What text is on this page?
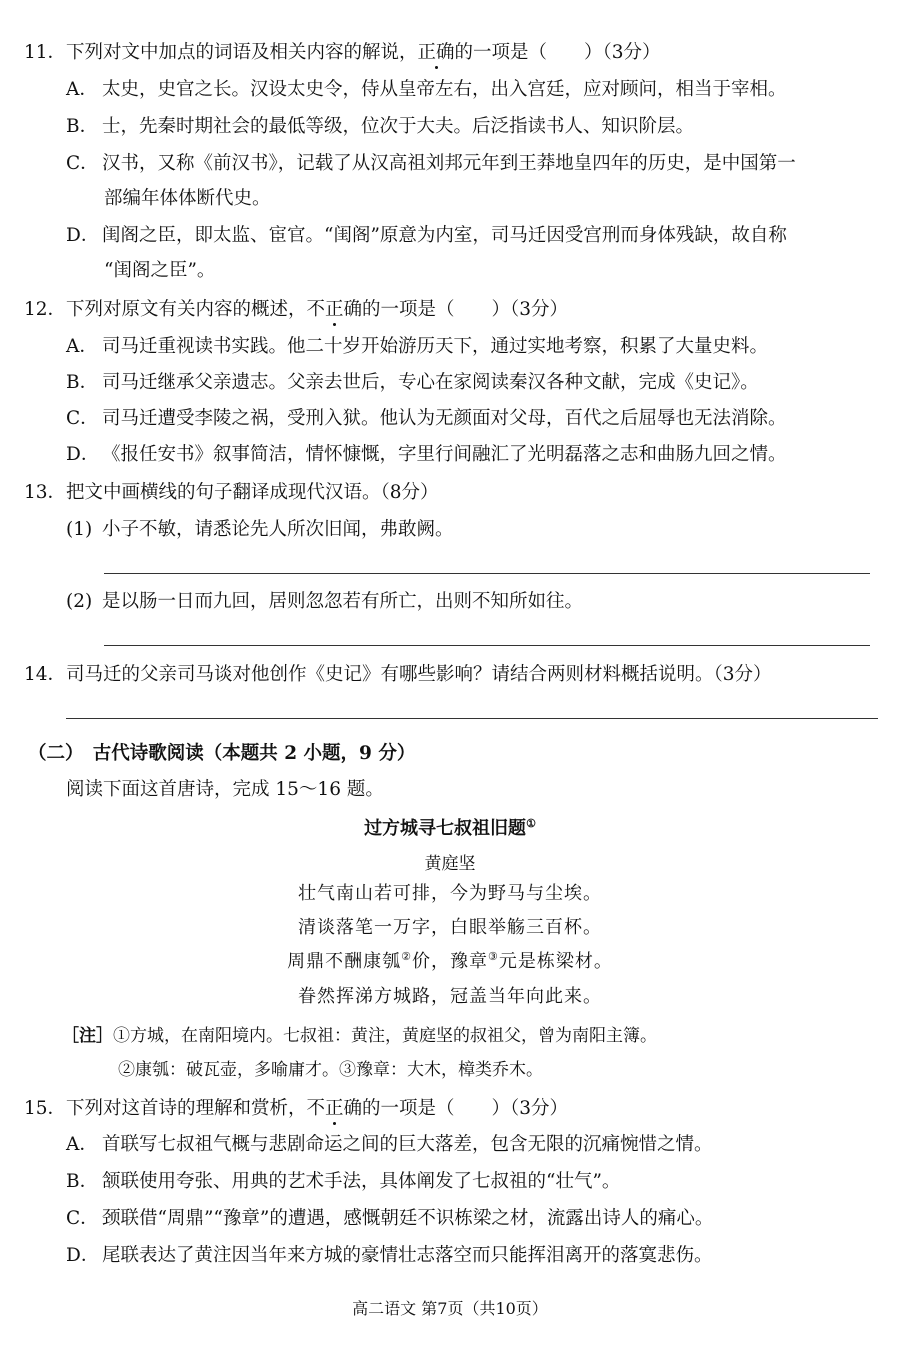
11．下列对文中加点的词语及相关内容的解说，正确的一项是（　　）（3分）
A． 太史，史官之长。汉设太史令，侍从皇帝左右，出入宫廷，应对顾问，相当于宰相。
B． 士，先秦时期社会的最低等级，位次于大夫。后泛指读书人、知识阶层。
C． 汉书，又称《前汉书》，记载了从汉高祖刘邦元年到王莽地皇四年的历史，是中国第一
部编年体体断代史。
D． 闺阁之臣，即太监、宦官。“闺阁”原意为内室，司马迁因受宫刑而身体残缺，故自称
“闺阁之臣”。
12．下列对原文有关内容的概述，不正确的一项是（　　）（3分）
A． 司马迁重视读书实践。他二十岁开始游历天下，通过实地考察，积累了大量史料。
B． 司马迁继承父亲遗志。父亲去世后，专心在家阅读秦汉各种文献，完成《史记》。
C． 司马迁遭受李陵之祸，受刑入狱。他认为无颜面对父母，百代之后屈辱也无法消除。
D． 《报任安书》叙事简洁，情怀慷慨，字里行间融汇了光明磊落之志和曲肠九回之情。
13．把文中画横线的句子翻译成现代汉语。（8分）
(1) 小子不敏，请悉论先人所次旧闻，弗敢阙。
(2) 是以肠一日而九回，居则忽忽若有所亡，出则不知所如往。
14．司马迁的父亲司马谈对他创作《史记》有哪些影响？请结合两则材料概括说明。（3分）
（二）　古代诗歌阅读（本题共 2 小题，9 分）
阅读下面这首唐诗，完成 15～16 题。
过方城寻七叔祖旧题①
黄庭坚
壮气南山若可排，今为野马与尘埃。
清谈落笔一万字，白眼举觞三百杯。
周鼎不酬康瓠②价，豫章③元是栋梁材。
眷然挥涕方城路，冠盖当年向此来。
［注］①方城，在南阳境内。七叔祖：黄注，黄庭坚的叔祖父，曾为南阳主簿。
②康瓠：破瓦壶，多喻庸才。③豫章：大木，樟类乔木。
15．下列对这首诗的理解和赏析，不正确的一项是（　　）（3分）
A． 首联写七叔祖气概与悲剧命运之间的巨大落差，包含无限的沉痛惋惜之情。
B． 颔联使用夸张、用典的艺术手法，具体阐发了七叔祖的“壮气”。
C． 颈联借“周鼎”“豫章”的遭遇，感慨朝廷不识栋梁之材，流露出诗人的痛心。
D． 尾联表达了黄注因当年来方城的豪情壮志落空而只能挥泪离开的落寞悲伤。
高二语文 第7页（共10页）
